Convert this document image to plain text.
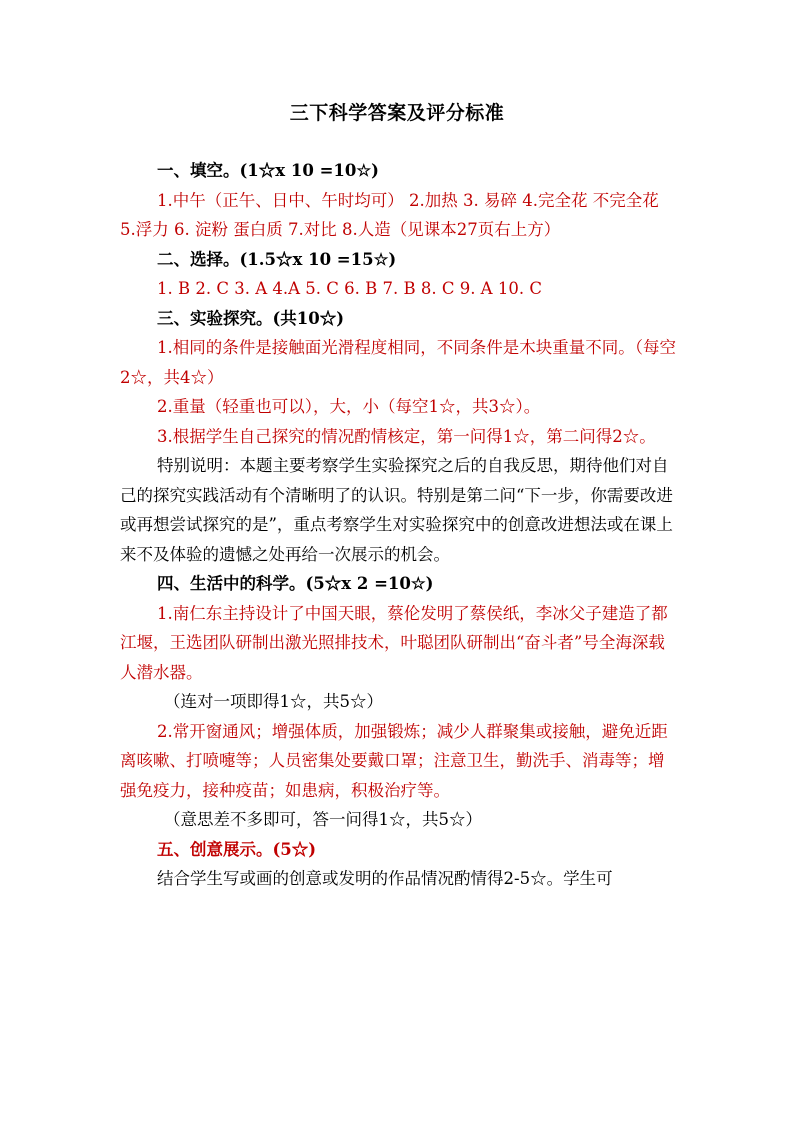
三下科学答案及评分标准

一、填空。(1☆x 10 =10☆)

1.中午（正午、日中、午时均可） 2.加热 3. 易碎 4.完全花 不完全花 5.浮力 6. 淀粉 蛋白质 7.对比 8.人造（见课本27页右上方）

二、选择。(1.5☆x 10 =15☆)

1. B 2. C 3. A 4.A 5. C 6. B 7. B 8. C 9. A 10. C

三、实验探究。(共10☆)

1.相同的条件是接触面光滑程度相同，不同条件是木块重量不同。（每空2☆，共4☆）

2.重量（轻重也可以），大，小（每空1☆，共3☆）。

3.根据学生自己探究的情况酌情核定，第一问得1☆，第二问得2☆。

特别说明：本题主要考察学生实验探究之后的自我反思，期待他们对自己的探究实践活动有个清晰明了的认识。特别是第二问“下一步，你需要改进或再想尝试探究的是”，重点考察学生对实验探究中的创意改进想法或在课上来不及体验的遗憾之处再给一次展示的机会。

四、生活中的科学。(5☆x 2 =10☆)

1.南仁东主持设计了中国天眼，蔡伦发明了蔡侯纸，李冰父子建造了都江堰，王选团队研制出激光照排技术，叶聪团队研制出“奋斗者”号全海深载人潜水器。

（连对一项即得1☆，共5☆）

2.常开窗通风；增强体质，加强锻炼；减少人群聚集或接触，避免近距离咳嗽、打喷嚏等；人员密集处要戴口罩；注意卫生，勤洗手、消毒等；增强免疫力，接种疫苗；如患病，积极治疗等。

（意思差不多即可，答一问得1☆，共5☆）

五、创意展示。(5☆)

结合学生写或画的创意或发明的作品情况酌情得2-5☆。学生可
